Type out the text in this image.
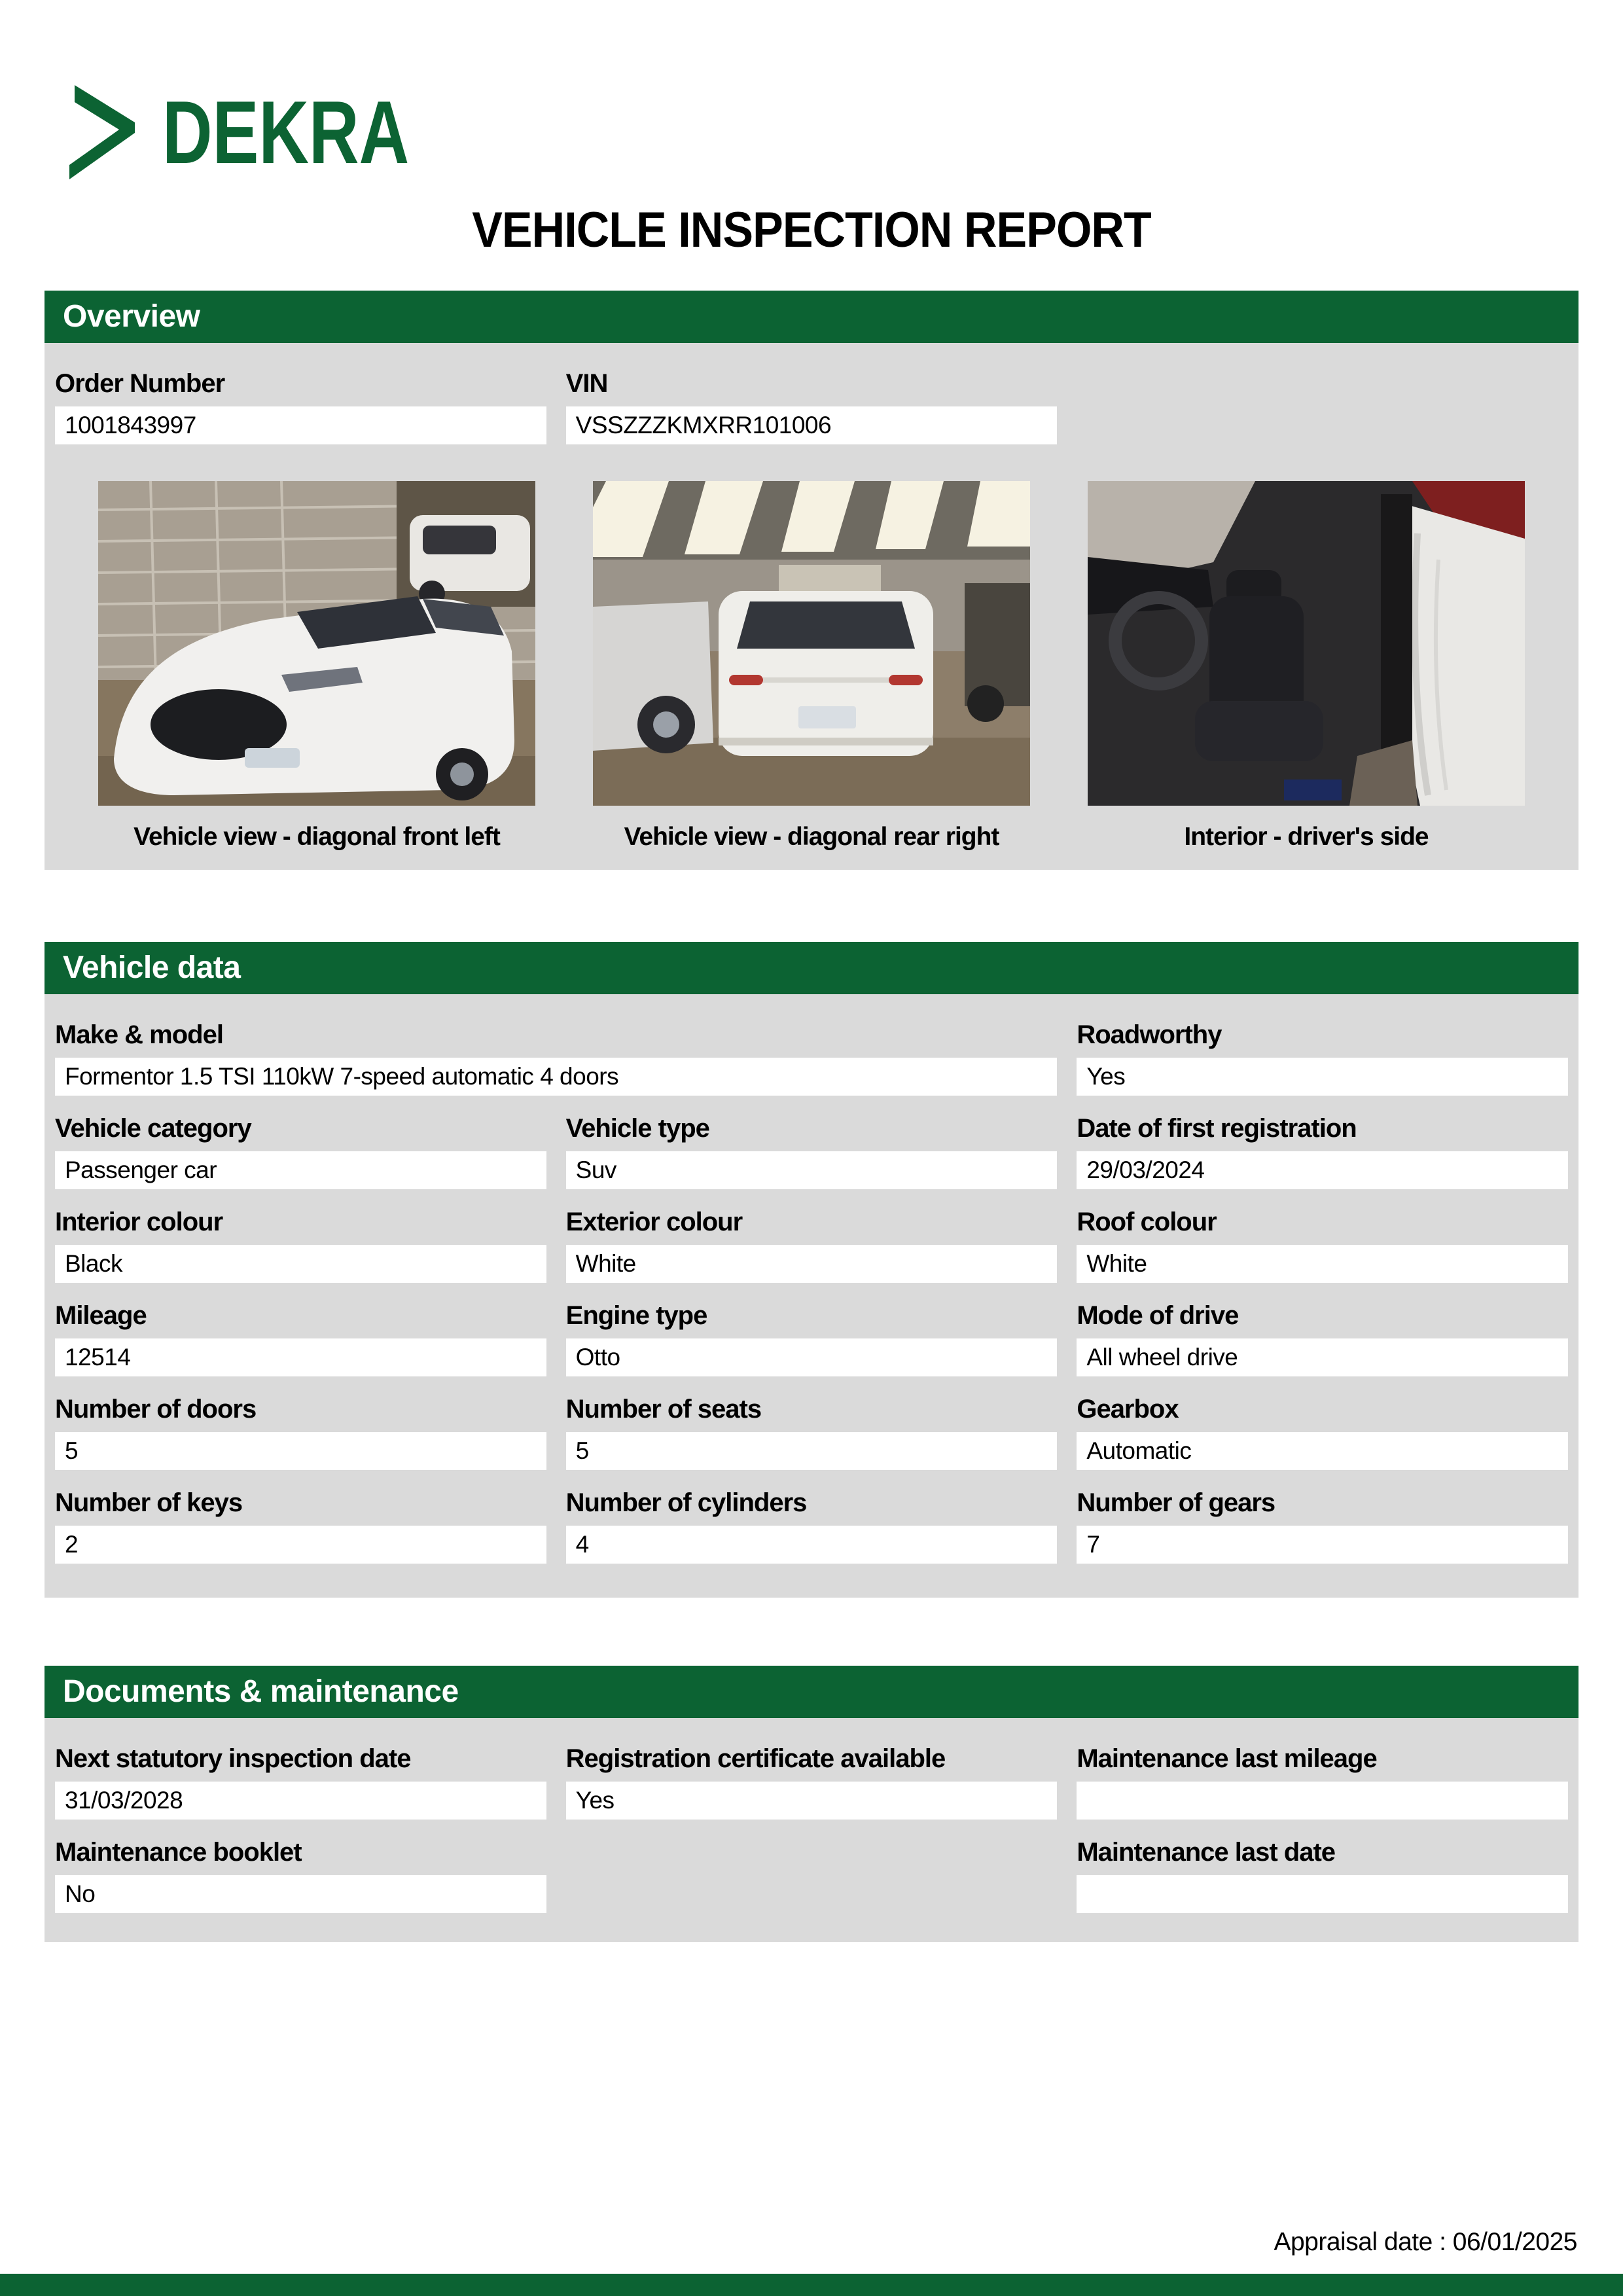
DEKRA
VEHICLE INSPECTION REPORT
Overview
Order Number
1001843997
VIN
VSSZZZKMXRR101006
Vehicle view - diagonal front left	Vehicle view - diagonal rear right	Interior - driver's side
Vehicle data
Make & model
Formentor 1.5 TSI 110kW 7-speed automatic 4 doors
Roadworthy
Yes
Vehicle category
Passenger car
Vehicle type
Suv
Date of first registration
29/03/2024
Interior colour
Black
Exterior colour
White
Roof colour
White
Mileage
12514
Engine type
Otto
Mode of drive
All wheel drive
Number of doors
5
Number of seats
5
Gearbox
Automatic
Number of keys
2
Number of cylinders
4
Number of gears
7
Documents & maintenance
Next statutory inspection date
31/03/2028
Registration certificate available
Yes
Maintenance last mileage
Maintenance booklet
No
Maintenance last date
Appraisal date : 06/01/2025
